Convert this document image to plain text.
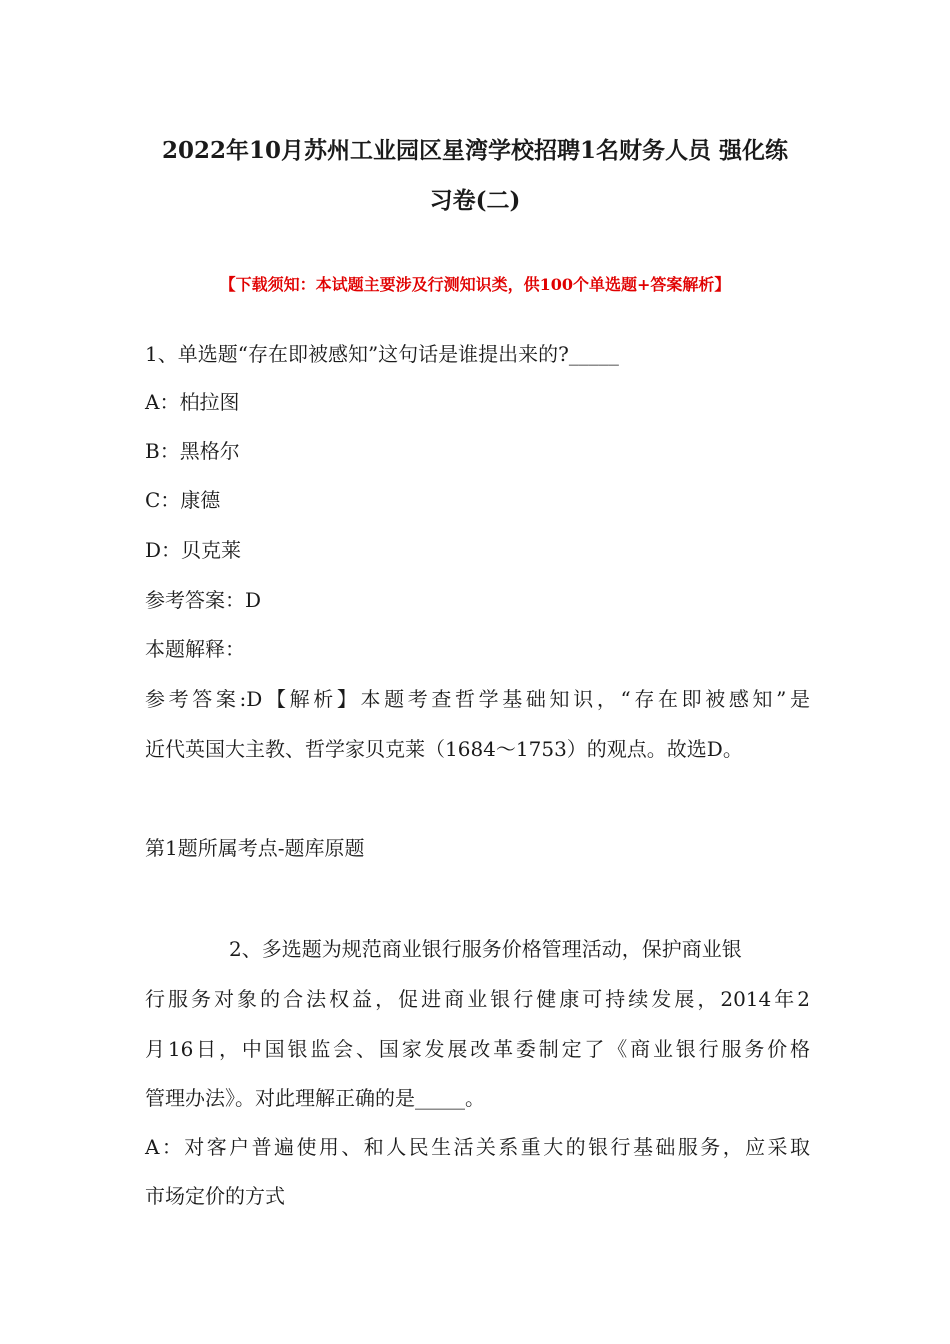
2022年10月苏州工业园区星湾学校招聘1名财务人员 强化练
习卷(二)
【下载须知：本试题主要涉及行测知识类，供100个单选题+答案解析】
1、单选题“存在即被感知”这句话是谁提出来的?_____
A：柏拉图
B：黑格尔
C：康德
D：贝克莱
参考答案：D
本题解释：
参考答案:D【解析】本题考查哲学基础知识，“存在即被感知”是
近代英国大主教、哲学家贝克莱（1684～1753）的观点。故选D。
第1题所属考点-题库原题
2、多选题为规范商业银行服务价格管理活动，保护商业银
行服务对象的合法权益，促进商业银行健康可持续发展，2014年2
月16日，中国银监会、国家发展改革委制定了《商业银行服务价格
管理办法》。对此理解正确的是_____。
A：对客户普遍使用、和人民生活关系重大的银行基础服务，应采取
市场定价的方式
